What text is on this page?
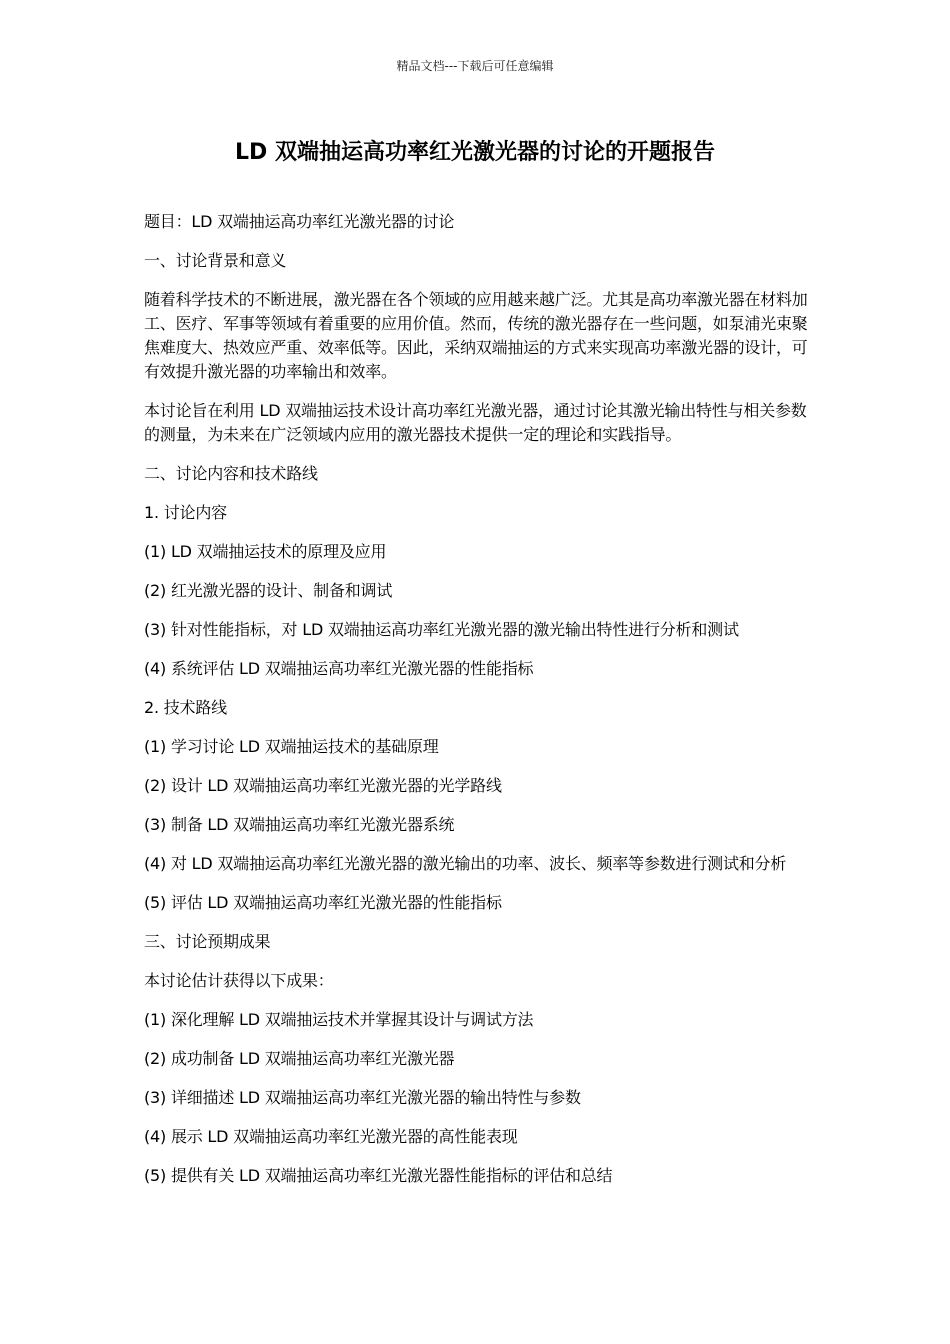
精品文档---下载后可任意编辑
LD 双端抽运高功率红光激光器的讨论的开题报告

题目：LD 双端抽运高功率红光激光器的讨论

一、讨论背景和意义

随着科学技术的不断进展，激光器在各个领域的应用越来越广泛。尤其是高功率激光器在材料加工、医疗、军事等领域有着重要的应用价值。然而，传统的激光器存在一些问题，如泵浦光束聚焦难度大、热效应严重、效率低等。因此，采纳双端抽运的方式来实现高功率激光器的设计，可有效提升激光器的功率输出和效率。

本讨论旨在利用 LD 双端抽运技术设计高功率红光激光器，通过讨论其激光输出特性与相关参数的测量，为未来在广泛领域内应用的激光器技术提供一定的理论和实践指导。

二、讨论内容和技术路线

1. 讨论内容

(1) LD 双端抽运技术的原理及应用

(2) 红光激光器的设计、制备和调试

(3) 针对性能指标，对 LD 双端抽运高功率红光激光器的激光输出特性进行分析和测试

(4) 系统评估 LD 双端抽运高功率红光激光器的性能指标

2. 技术路线

(1) 学习讨论 LD 双端抽运技术的基础原理

(2) 设计 LD 双端抽运高功率红光激光器的光学路线

(3) 制备 LD 双端抽运高功率红光激光器系统

(4) 对 LD 双端抽运高功率红光激光器的激光输出的功率、波长、频率等参数进行测试和分析

(5) 评估 LD 双端抽运高功率红光激光器的性能指标

三、讨论预期成果

本讨论估计获得以下成果：

(1) 深化理解 LD 双端抽运技术并掌握其设计与调试方法

(2) 成功制备 LD 双端抽运高功率红光激光器

(3) 详细描述 LD 双端抽运高功率红光激光器的输出特性与参数

(4) 展示 LD 双端抽运高功率红光激光器的高性能表现

(5) 提供有关 LD 双端抽运高功率红光激光器性能指标的评估和总结
